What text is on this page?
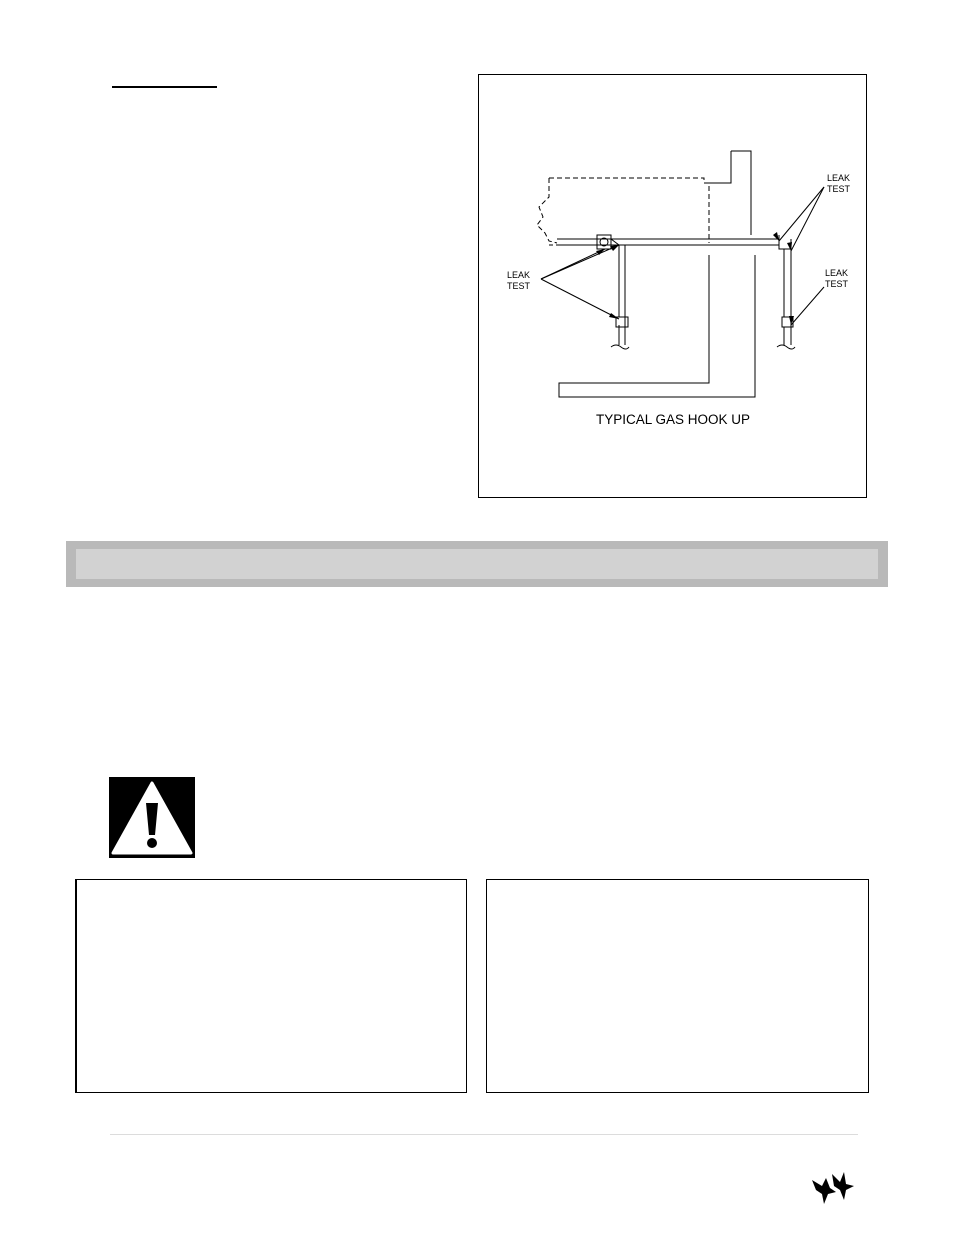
LEAK
TEST
LEAK
TEST
LEAK
TEST
TYPICAL GAS HOOK UP
